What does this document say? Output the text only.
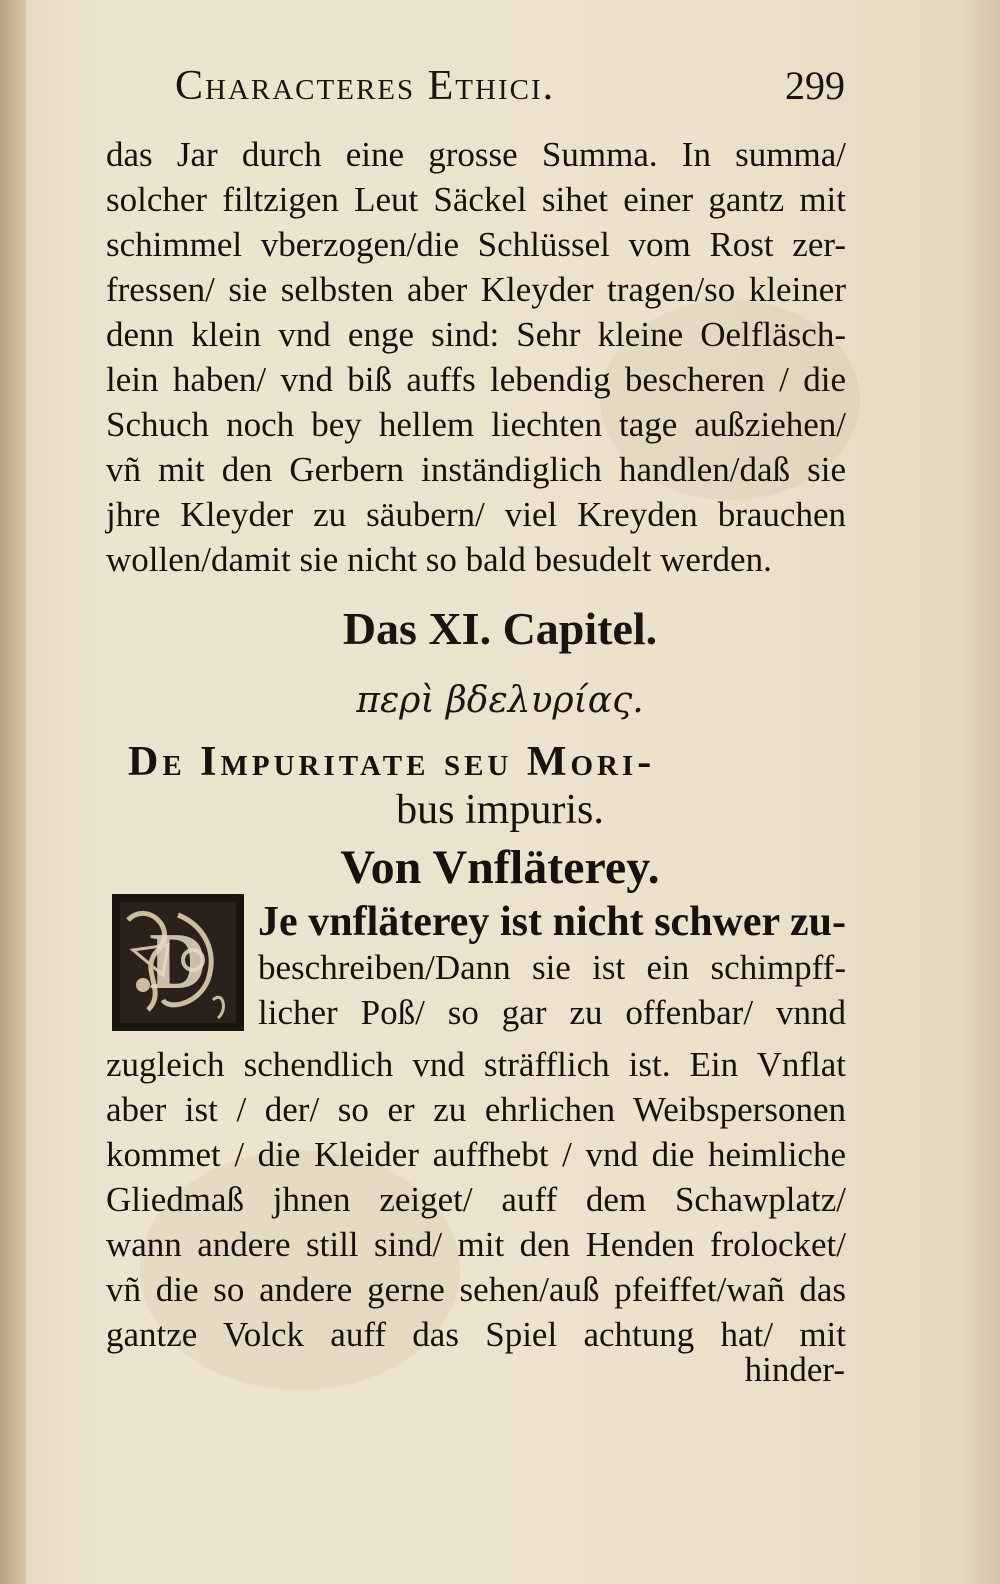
Characteres Ethici.	299
das Jar durch eine grosse Summa. In summa/
solcher filtzigen Leut Säckel sihet einer gantz mit
schimmel vberzogen/die Schlüssel vom Rost zer-
fressen/ sie selbsten aber Kleyder tragen/so kleiner
denn klein vnd enge sind: Sehr kleine Oelfläsch-
lein haben/ vnd biß auffs lebendig bescheren / die
Schuch noch bey hellem liechten tage außziehen/
vñ mit den Gerbern inständiglich handlen/daß sie
jhre Kleyder zu säubern/ viel Kreyden brauchen
wollen/damit sie nicht so bald besudelt werden.
Das XI. Capitel.
περὶ βδελυρίας.
De Impuritate seu Mori-
bus impuris.
Von Vnfläterey.
D Je vnfläterey ist nicht schwer zu-
beschreiben/Dann sie ist ein schimpff-
licher Poß/ so gar zu offenbar/ vnnd
zugleich schendlich vnd sträfflich ist. Ein Vnflat
aber ist / der/ so er zu ehrlichen Weibspersonen
kommet / die Kleider auffhebt / vnd die heimliche
Gliedmaß jhnen zeiget/ auff dem Schawplatz/
wann andere still sind/ mit den Henden frolocket/
vñ die so andere gerne sehen/auß pfeiffet/wañ das
gantze Volck auff das Spiel achtung hat/ mit
hinder-
